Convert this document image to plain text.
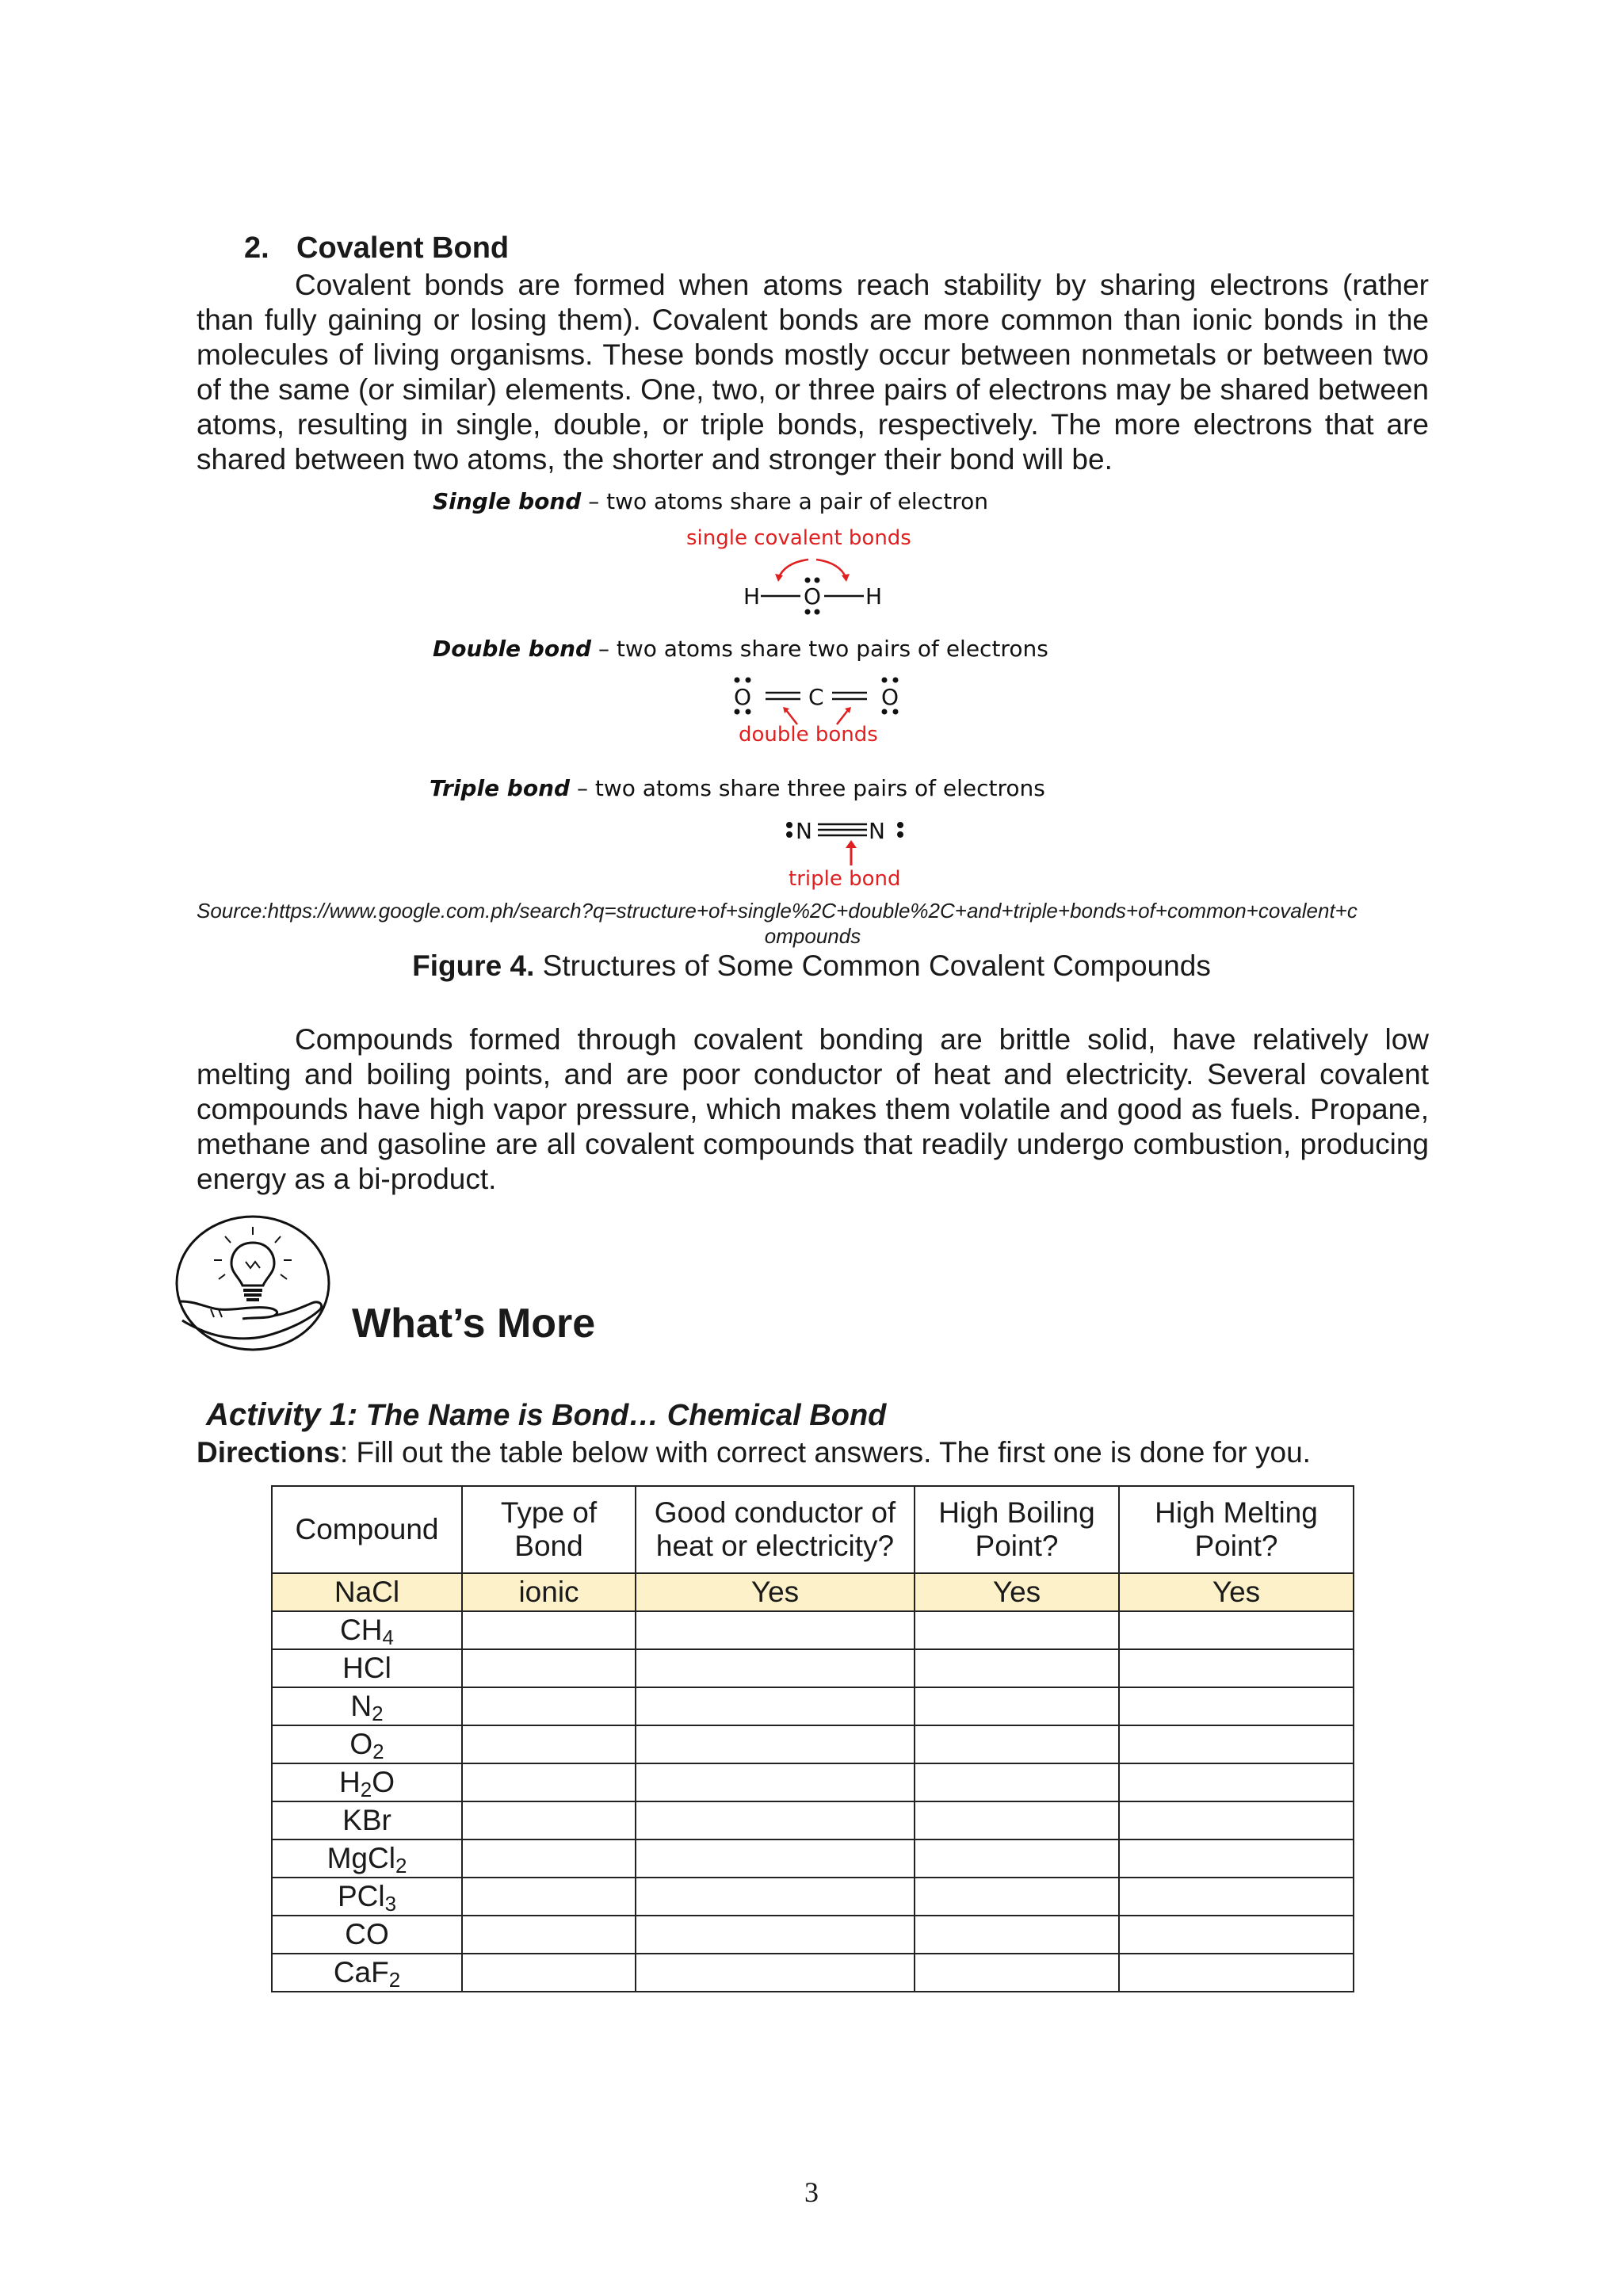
2. Covalent Bond
Covalent bonds are formed when atoms reach stability by sharing electrons (rather than fully gaining or losing them). Covalent bonds are more common than ionic bonds in the molecules of living organisms. These bonds mostly occur between nonmetals or between two of the same (or similar) elements. One, two, or three pairs of electrons may be shared between atoms, resulting in single, double, or triple bonds, respectively. The more electrons that are shared between two atoms, the shorter and stronger their bond will be.
Single bond – two atoms share a pair of electron
single covalent bonds
H O H
Double bond – two atoms share two pairs of electrons
O	C	O
double bonds
Triple bond – two atoms share three pairs of electrons
N	N
triple bond
Source:https://www.google.com.ph/search?q=structure+of+single%2C+double%2C+and+triple+bonds+of+common+covalent+c
ompounds
Figure 4. Structures of Some Common Covalent Compounds
Compounds formed through covalent bonding are brittle solid, have relatively low melting and boiling points, and are poor conductor of heat and electricity. Several covalent compounds have high vapor pressure, which makes them volatile and good as fuels. Propane, methane and gasoline are all covalent compounds that readily undergo combustion, producing energy as a bi-product.
What’s More
Activity 1: The Name is Bond… Chemical Bond
Directions: Fill out the table below with correct answers. The first one is done for you.
Compound	Type of Bond	Good conductor of heat or electricity?	High Boiling Point?	High Melting Point?
NaCl	ionic	Yes	Yes	Yes
$CH_4$				
HCl				
$N_2$				
$O_2$				
$H_2O$				
KBr				
MgCl$_2$				
PCl$_3$				
CO				
CaF$_2$				
3
